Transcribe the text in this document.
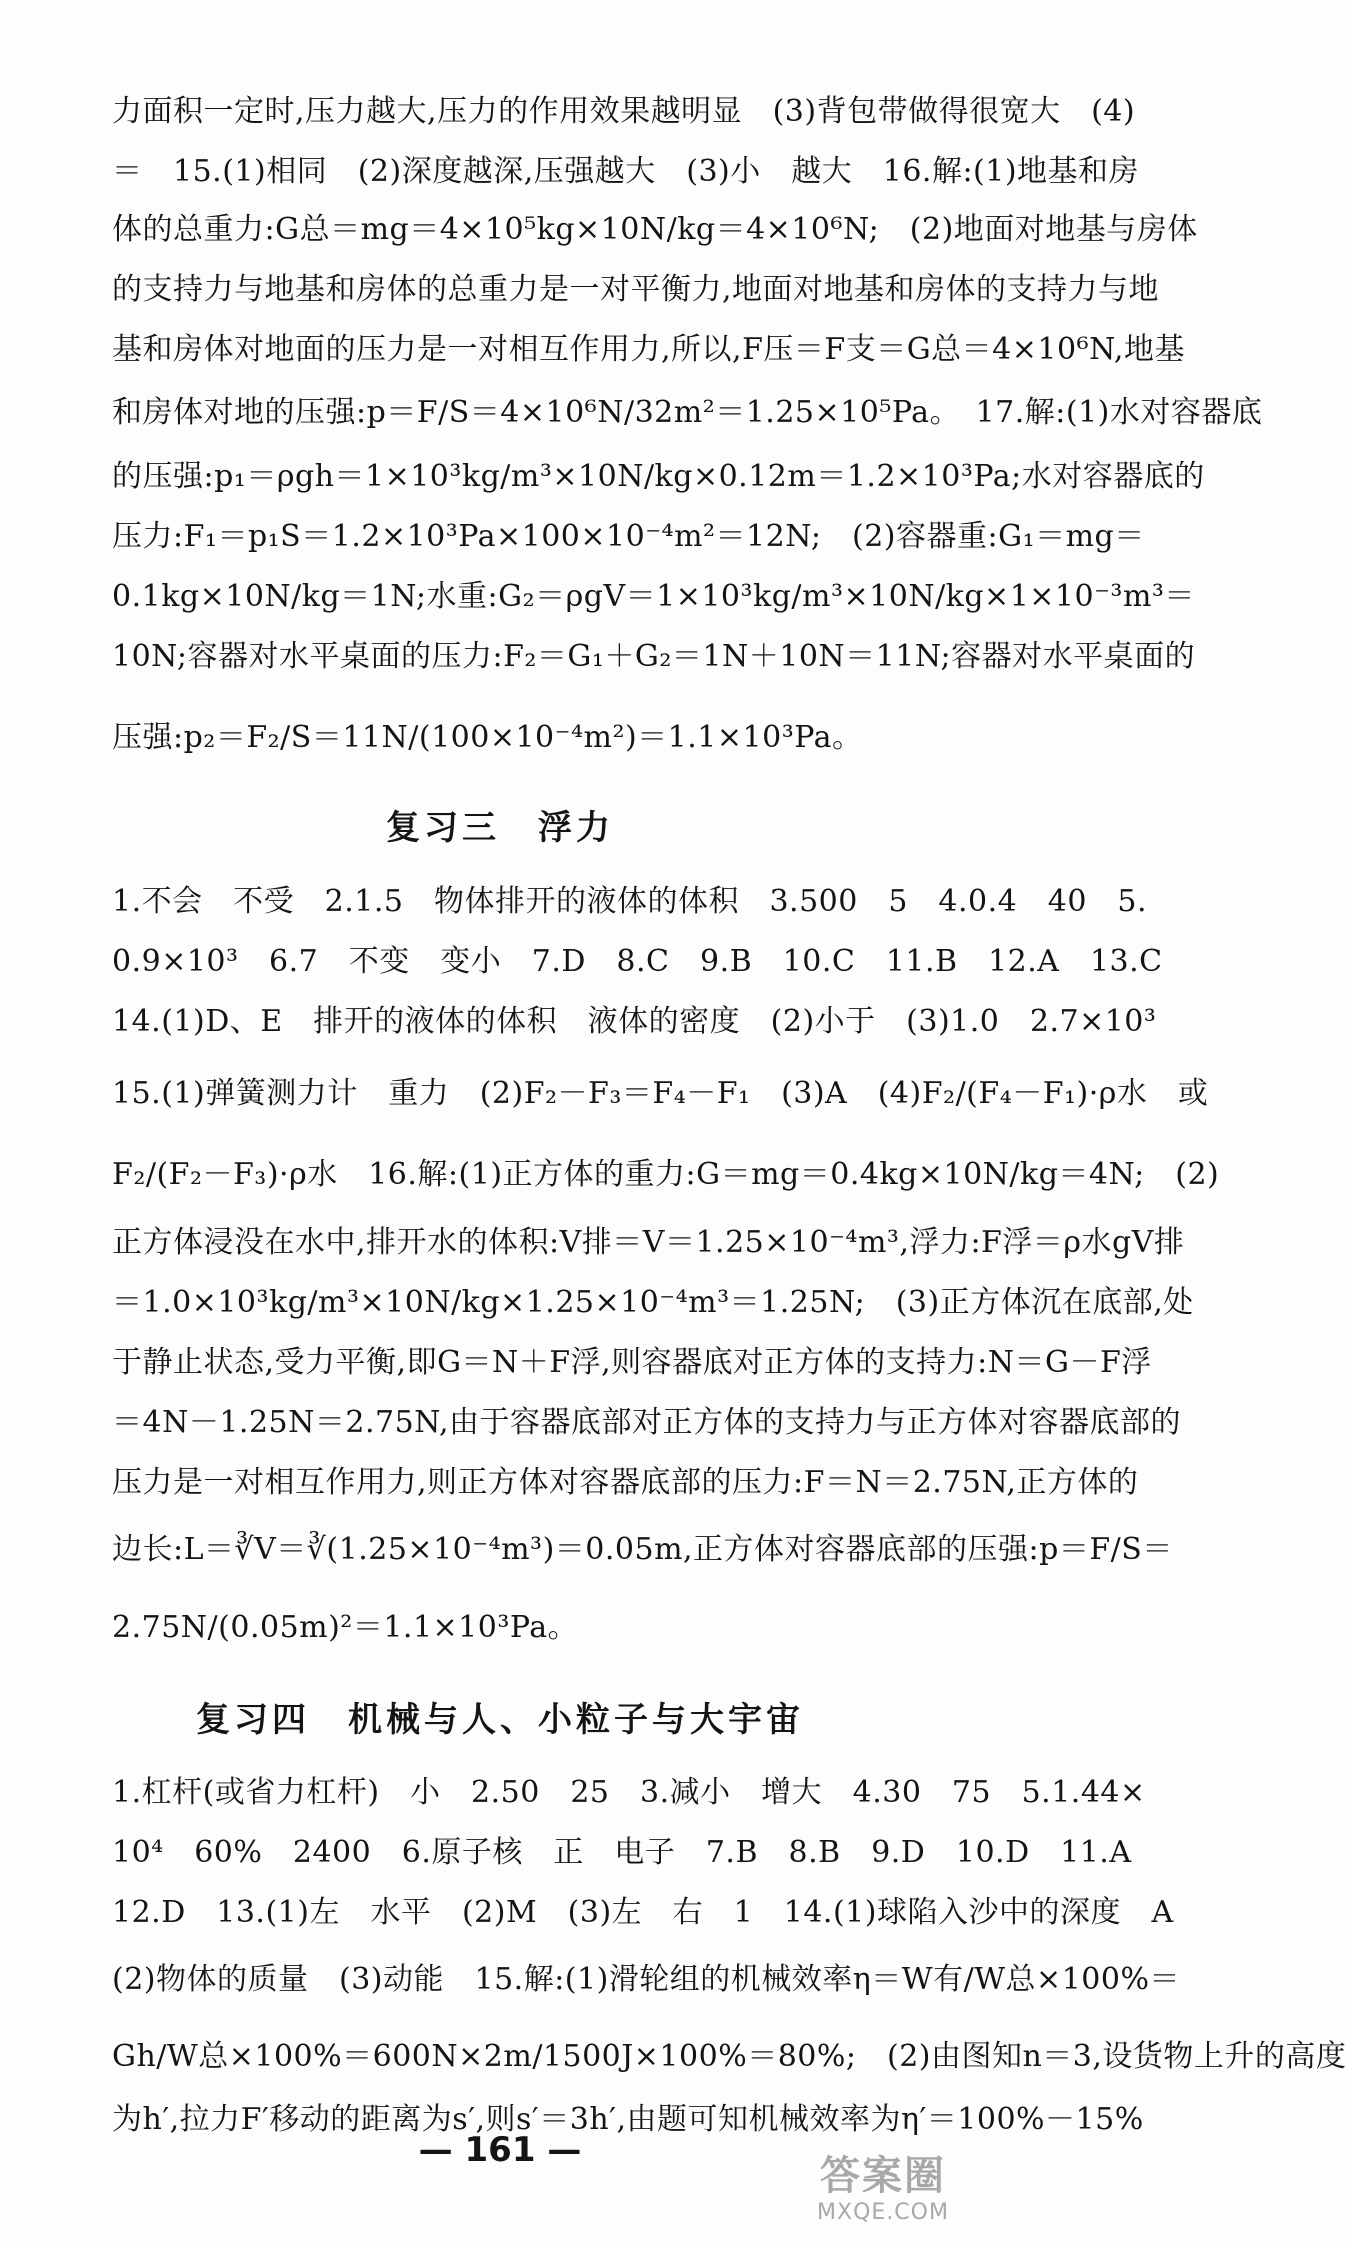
力面积一定时,压力越大,压力的作用效果越明显　(3)背包带做得很宽大　(4)
＝　15.(1)相同　(2)深度越深,压强越大　(3)小　越大　16.解:(1)地基和房
体的总重力:G总＝mg＝4×10⁵kg×10N/kg＝4×10⁶N;　(2)地面对地基与房体
的支持力与地基和房体的总重力是一对平衡力,地面对地基和房体的支持力与地
基和房体对地面的压力是一对相互作用力,所以,F压＝F支＝G总＝4×10⁶N,地基
和房体对地的压强:p＝F/S＝4×10⁶N/32m²＝1.25×10⁵Pa。　17.解:(1)水对容器底
的压强:p₁＝ρgh＝1×10³kg/m³×10N/kg×0.12m＝1.2×10³Pa;水对容器底的
压力:F₁＝p₁S＝1.2×10³Pa×100×10⁻⁴m²＝12N;　(2)容器重:G₁＝mg＝
0.1kg×10N/kg＝1N;水重:G₂＝ρgV＝1×10³kg/m³×10N/kg×1×10⁻³m³＝
10N;容器对水平桌面的压力:F₂＝G₁＋G₂＝1N＋10N＝11N;容器对水平桌面的
压强:p₂＝F₂/S＝11N/(100×10⁻⁴m²)＝1.1×10³Pa。
复习三　浮力
1.不会　不受　2.1.5　物体排开的液体的体积　3.500　5　4.0.4　40　5.
0.9×10³　6.7　不变　变小　7.D　8.C　9.B　10.C　11.B　12.A　13.C
14.(1)D、E　排开的液体的体积　液体的密度　(2)小于　(3)1.0　2.7×10³
15.(1)弹簧测力计　重力　(2)F₂－F₃＝F₄－F₁　(3)A　(4)F₂/(F₄－F₁)·ρ水　或
F₂/(F₂－F₃)·ρ水　16.解:(1)正方体的重力:G＝mg＝0.4kg×10N/kg＝4N;　(2)
正方体浸没在水中,排开水的体积:V排＝V＝1.25×10⁻⁴m³,浮力:F浮＝ρ水gV排
＝1.0×10³kg/m³×10N/kg×1.25×10⁻⁴m³＝1.25N;　(3)正方体沉在底部,处
于静止状态,受力平衡,即G＝N＋F浮,则容器底对正方体的支持力:N＝G－F浮
＝4N－1.25N＝2.75N,由于容器底部对正方体的支持力与正方体对容器底部的
压力是一对相互作用力,则正方体对容器底部的压力:F＝N＝2.75N,正方体的
边长:L＝∛V＝∛(1.25×10⁻⁴m³)＝0.05m,正方体对容器底部的压强:p＝F/S＝
2.75N/(0.05m)²＝1.1×10³Pa。
复习四　机械与人、小粒子与大宇宙
1.杠杆(或省力杠杆)　小　2.50　25　3.减小　增大　4.30　75　5.1.44×
10⁴　60%　2400　6.原子核　正　电子　7.B　8.B　9.D　10.D　11.A
12.D　13.(1)左　水平　(2)M　(3)左　右　1　14.(1)球陷入沙中的深度　A
(2)物体的质量　(3)动能　15.解:(1)滑轮组的机械效率η＝W有/W总×100%＝
Gh/W总×100%＝600N×2m/1500J×100%＝80%;　(2)由图知n＝3,设货物上升的高度
为h′,拉力F′移动的距离为s′,则s′＝3h′,由题可知机械效率为η′＝100%－15%
— 161 —
答案圈
MXQE.COM
